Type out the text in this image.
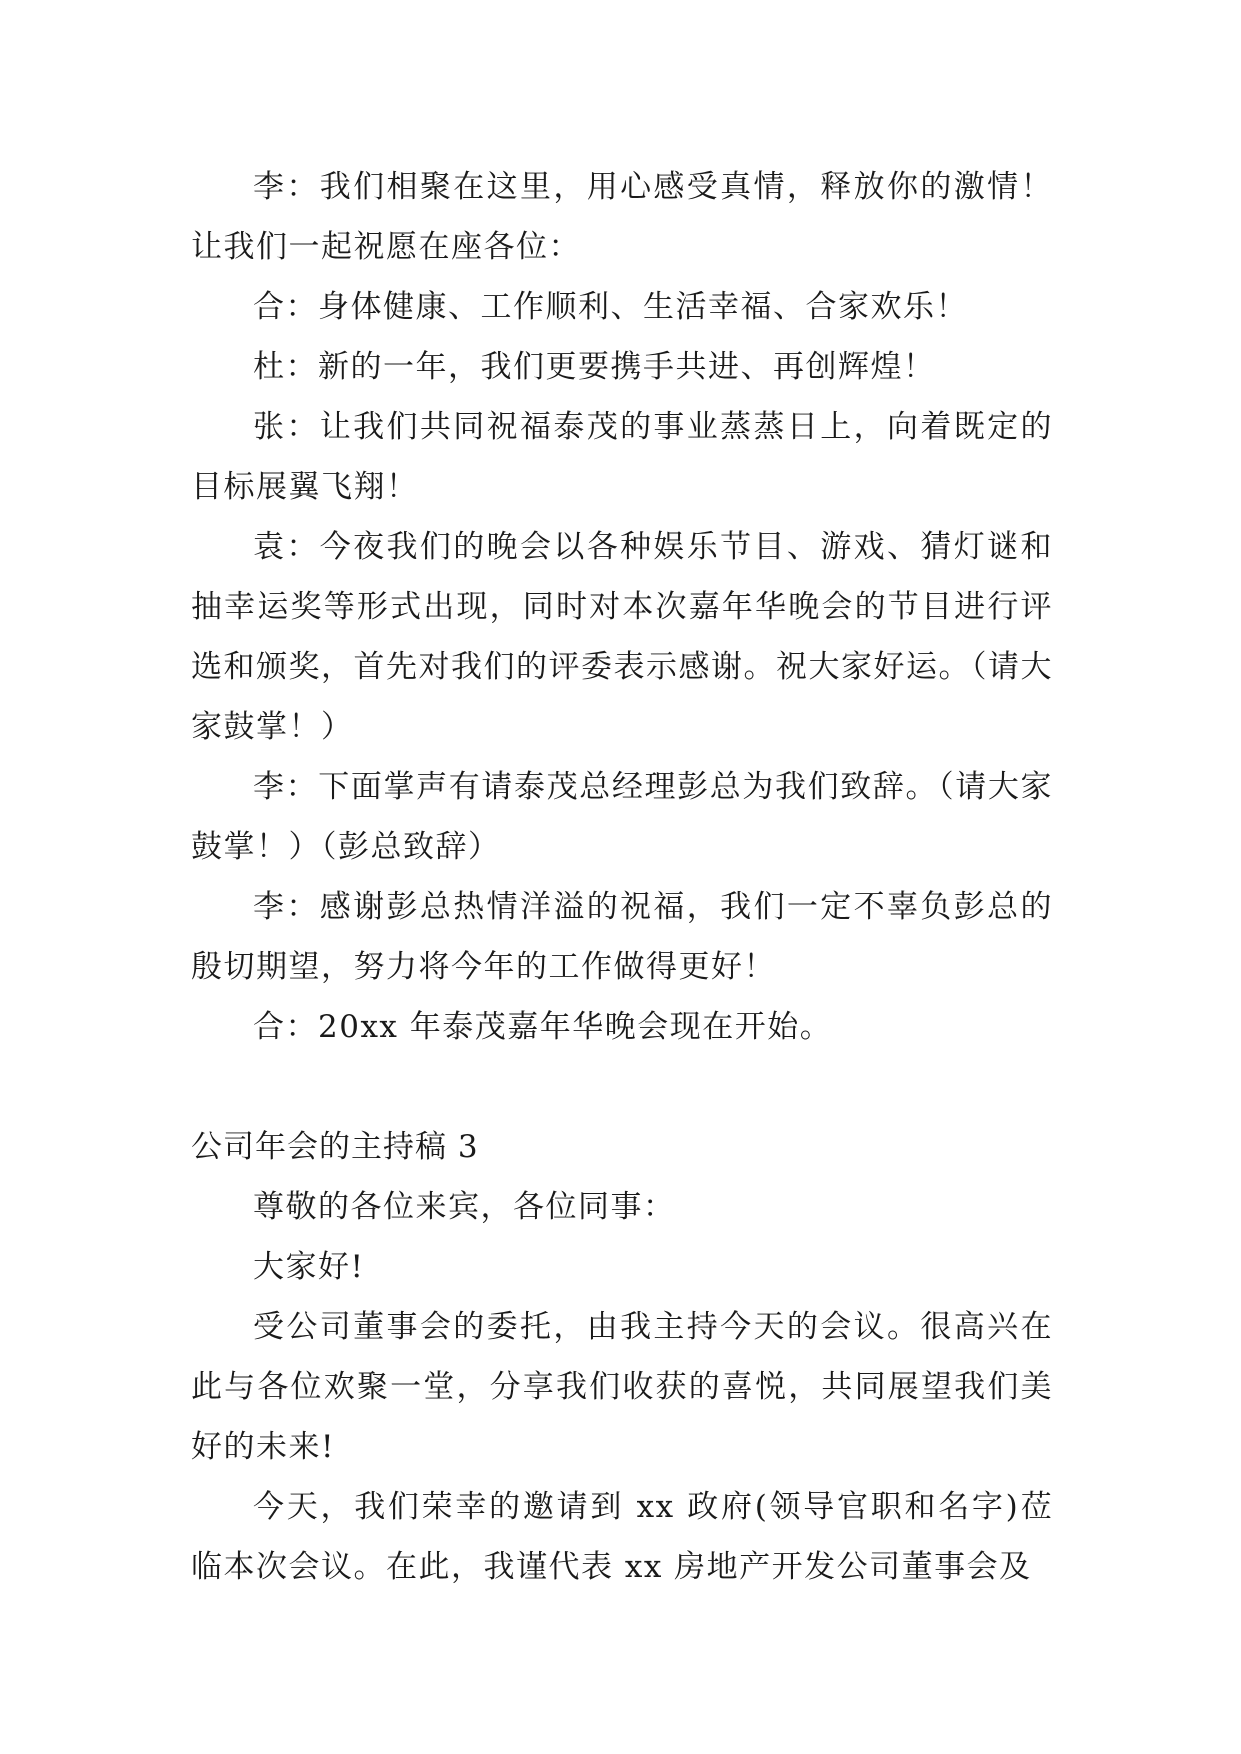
李：我们相聚在这里，用心感受真情，释放你的激情！让我们一起祝愿在座各位：

合：身体健康、工作顺利、生活幸福、合家欢乐！

杜：新的一年，我们更要携手共进、再创辉煌！

张：让我们共同祝福泰茂的事业蒸蒸日上，向着既定的目标展翼飞翔！

袁：今夜我们的晚会以各种娱乐节目、游戏、猜灯谜和抽幸运奖等形式出现，同时对本次嘉年华晚会的节目进行评选和颁奖，首先对我们的评委表示感谢。祝大家好运。（请大家鼓掌！）

李：下面掌声有请泰茂总经理彭总为我们致辞。（请大家鼓掌！）（彭总致辞）

李：感谢彭总热情洋溢的祝福，我们一定不辜负彭总的殷切期望，努力将今年的工作做得更好！

合：20xx 年泰茂嘉年华晚会现在开始。

公司年会的主持稿 3

尊敬的各位来宾，各位同事：

大家好!

受公司董事会的委托，由我主持今天的会议。很高兴在此与各位欢聚一堂，分享我们收获的喜悦，共同展望我们美好的未来!

今天，我们荣幸的邀请到 xx 政府(领导官职和名字)莅临本次会议。在此，我谨代表 xx 房地产开发公司董事会及
